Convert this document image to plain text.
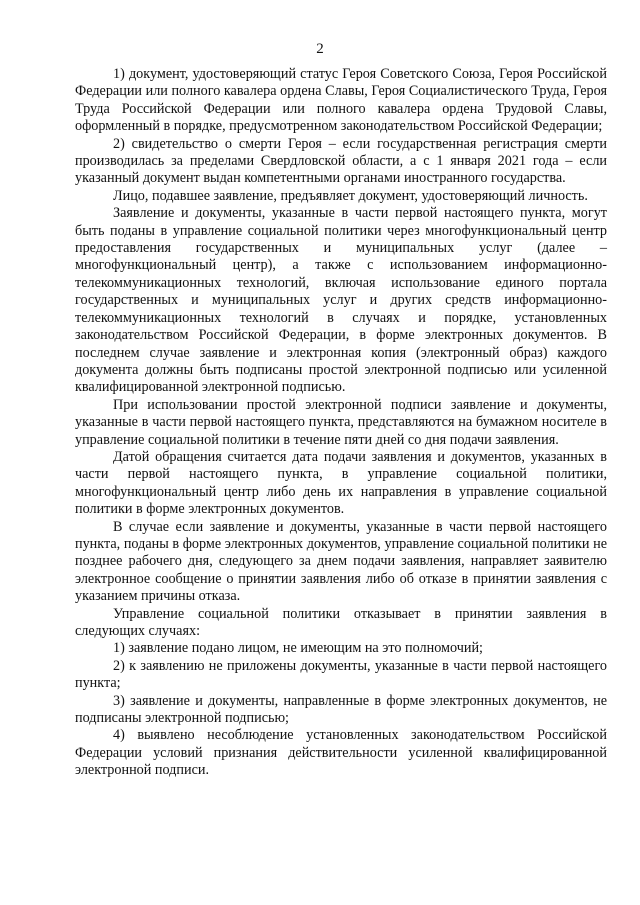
2

1) документ, удостоверяющий статус Героя Советского Союза, Героя Российской Федерации или полного кавалера ордена Славы, Героя Социалистического Труда, Героя Труда Российской Федерации или полного кавалера ордена Трудовой Славы, оформленный в порядке, предусмотренном законодательством Российской Федерации;

2) свидетельство о смерти Героя – если государственная регистрация смерти производилась за пределами Свердловской области, а с 1 января 2021 года – если указанный документ выдан компетентными органами иностранного государства.

Лицо, подавшее заявление, предъявляет документ, удостоверяющий личность.

Заявление и документы, указанные в части первой настоящего пункта, могут быть поданы в управление социальной политики через многофункциональный центр предоставления государственных и муниципальных услуг (далее – многофункциональный центр), а также с использованием информационно-телекоммуникационных технологий, включая использование единого портала государственных и муниципальных услуг и других средств информационно-телекоммуникационных технологий в случаях и порядке, установленных законодательством Российской Федерации, в форме электронных документов. В последнем случае заявление и электронная копия (электронный образ) каждого документа должны быть подписаны простой электронной подписью или усиленной квалифицированной электронной подписью.

При использовании простой электронной подписи заявление и документы, указанные в части первой настоящего пункта, представляются на бумажном носителе в управление социальной политики в течение пяти дней со дня подачи заявления.

Датой обращения считается дата подачи заявления и документов, указанных в части первой настоящего пункта, в управление социальной политики, многофункциональный центр либо день их направления в управление социальной политики в форме электронных документов.

В случае если заявление и документы, указанные в части первой настоящего пункта, поданы в форме электронных документов, управление социальной политики не позднее рабочего дня, следующего за днем подачи заявления, направляет заявителю электронное сообщение о принятии заявления либо об отказе в принятии заявления с указанием причины отказа.

Управление социальной политики отказывает в принятии заявления в следующих случаях:

1) заявление подано лицом, не имеющим на это полномочий;

2) к заявлению не приложены документы, указанные в части первой настоящего пункта;

3) заявление и документы, направленные в форме электронных документов, не подписаны электронной подписью;

4) выявлено несоблюдение установленных законодательством Российской Федерации условий признания действительности усиленной квалифицированной электронной подписи.
